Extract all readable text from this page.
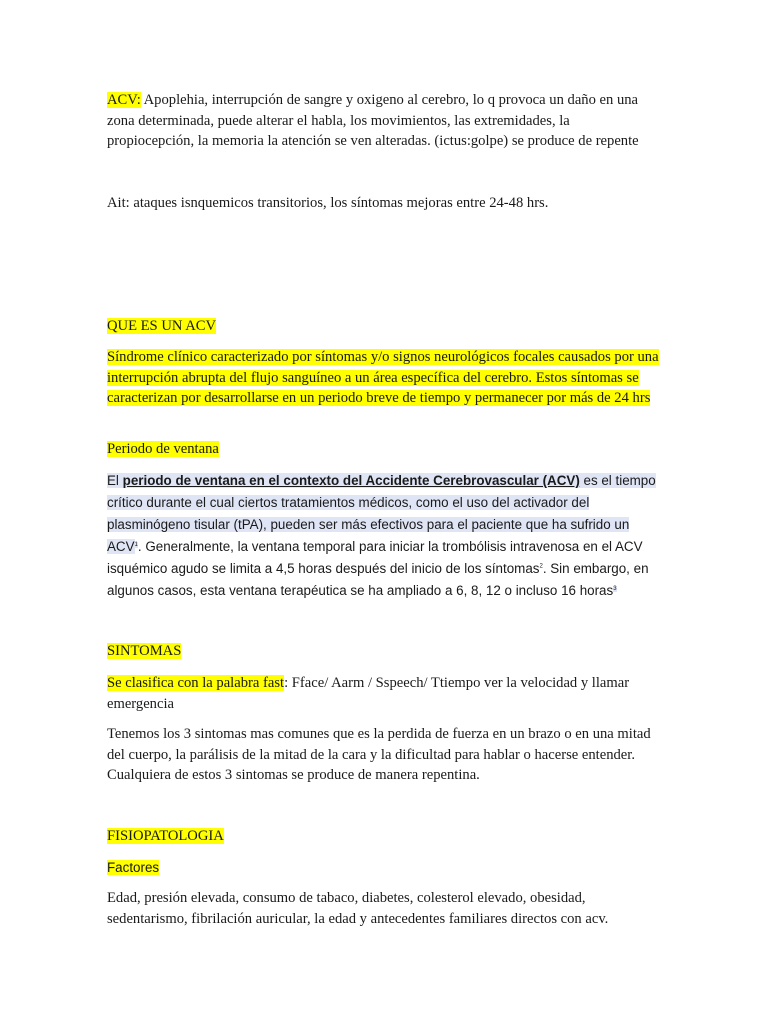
ACV: Apoplehia, interrupción de sangre y oxigeno al cerebro, lo q provoca un daño en una zona determinada, puede alterar el habla, los movimientos, las extremidades, la propiocepción, la memoria la atención se ven alteradas. (ictus:golpe) se produce de repente

Ait: ataques isnquemicos transitorios, los síntomas mejoras entre 24-48 hrs.

QUE ES UN ACV

Síndrome clínico caracterizado por síntomas y/o signos neurológicos focales causados por una interrupción abrupta del flujo sanguíneo a un área específica del cerebro. Estos síntomas se caracterizan por desarrollarse en un periodo breve de tiempo y permanecer por más de 24 hrs

Periodo de ventana

El periodo de ventana en el contexto del Accidente Cerebrovascular (ACV) es el tiempo crítico durante el cual ciertos tratamientos médicos, como el uso del activador del plasminógeno tisular (tPA), pueden ser más efectivos para el paciente que ha sufrido un ACV$^1$. Generalmente, la ventana temporal para iniciar la trombólisis intravenosa en el ACV isquémico agudo se limita a 4,5 horas después del inicio de los síntomas$^2$. Sin embargo, en algunos casos, esta ventana terapéutica se ha ampliado a 6, 8, 12 o incluso 16 horas$^3$

SINTOMAS

Se clasifica con la palabra fast: Fface/ Aarm / Sspeech/ Ttiempo ver la velocidad y llamar emergencia

Tenemos los 3 sintomas mas comunes que es la perdida de fuerza en un brazo o en una mitad del cuerpo, la parálisis de la mitad de la cara y la dificultad para hablar o hacerse entender. Cualquiera de estos 3 sintomas se produce de manera repentina.

FISIOPATOLOGIA

Factores

Edad, presión elevada, consumo de tabaco, diabetes, colesterol elevado, obesidad, sedentarismo, fibrilación auricular, la edad y antecedentes familiares directos con acv.
